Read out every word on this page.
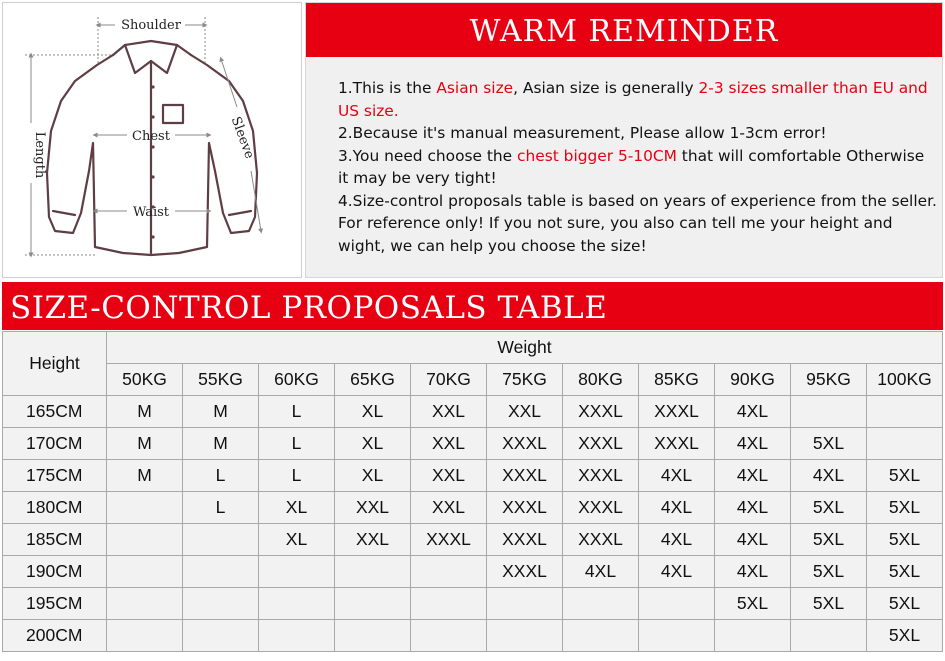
Shoulder
Chest
Waist
Length	Sleeve
WARM REMINDER
1.This is the Asian size, Asian size is generally 2-3 sizes smaller than EU and US size.
2.Because it's manual measurement, Please allow 1-3cm error!
3.You need choose the chest bigger 5-10CM that will comfortable Otherwise it may be very tight!
4.Size-control proposals table is based on years of experience from the seller. For reference only! If you not sure, you also can tell me your height and wight, we can help you choose the size!
SIZE-CONTROL PROPOSALS TABLE
Height	Weight										
	50KG	55KG	60KG	65KG	70KG	75KG	80KG	85KG	90KG	95KG	100KG
165CM	M	M	L	XL	XXL	XXL	XXXL	XXXL	4XL		
170CM	M	M	L	XL	XXL	XXXL	XXXL	XXXL	4XL	5XL	
175CM	M	L	L	XL	XXL	XXXL	XXXL	4XL	4XL	4XL	5XL
180CM		L	XL	XXL	XXL	XXXL	XXXL	4XL	4XL	5XL	5XL
185CM			XL	XXL	XXXL	XXXL	XXXL	4XL	4XL	5XL	5XL
190CM						XXXL	4XL	4XL	4XL	5XL	5XL
195CM									5XL	5XL	5XL
200CM											5XL
